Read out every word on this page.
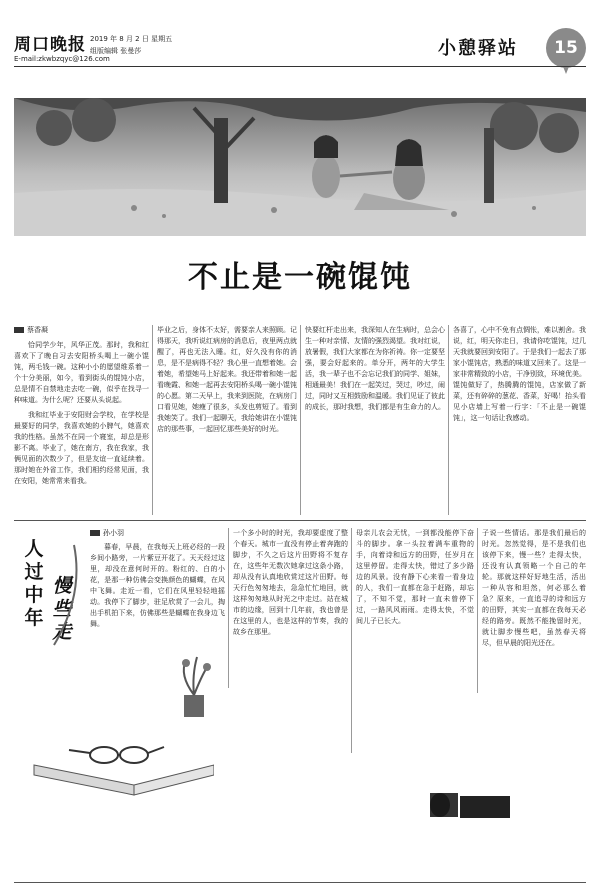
周口晚报 2019 年 8 月 2 日 星期五
组版编辑 张曼莎
E-mail:zkwbzqyc@126.com	小憩驿站	15
不止是一碗馄饨
蔡香凝

恰同学少年，风华正茂。那时，我和红喜欢下了晚自习去安阳桥头喝上一碗小馄饨，两毛钱一碗。这种小小的愿望维系着一个十分美丽，如今，看到街头的馄饨小店，总是情不自禁地走去吃一碗，似乎在找寻一种味道。为什么呢？还要从头说起。

我和红毕业于安阳财会学校，在学校是最要好的同学，我喜欢她的小脾气，她喜欢我的性格。虽然不在同一个寝室，却总是形影不离。毕业了，她在南方，我在我家，我俩见面的次数少了，但是友谊一直延续着。那时她在外省工作，我们相约经常见面，我在安阳，她常常来看我。

毕业之后，身体不太好，需要亲人来照顾。记得那天，我听说红病房的消息后，夜里两点就醒了，再也无法入睡。红，好久没有你的消息，是不是病得不轻？我心里一直想着她。会着她，希望她马上好起来。我还带着和她一起看晚霞、和她一起再去安阳桥头喝一碗小馄饨的心愿。第二天早上，我来到医院，在病房门口看见她，她瘦了很多，头发也剪短了。看到我她笑了。我们一起聊天，我给她讲在小馄饨店的那些事，一起回忆那些美好的时光。
快要红杆走出来，我深知人在生病时，总会心生一种对亲情、友情的强烈渴望。我对红说，放暑假，我们大家都在为你祈祷。你一定要坚强，要会好起来的。单分开，两年的大学生活，我一辈子也不会忘记我们的同学、姐妹，相通最美！我们在一起笑过，哭过，吵过，闹过，同时又互相鼓励和温暖。我们见证了彼此的成长，那时我想，我们都是有生命力的人。
各喜了，心中不免有点惆怅，难以割舍。我说，红，明天你走日，我请你吃馄饨，过几天我就要回到安阳了。于是我们一起去了那家小馄饨店，熟悉的味道又回来了。这是一家非常精致的小店，干净别致，环境优美。馄饨做好了，热腾腾的馄饨，店家做了新菜，还有碎碎的葱花、香菜，好喝！抬头看见小店墙上写着一行字：「不止是一碗馄饨」，这一句话让我感动。
人过中年
慢些走
孙小羽
暮春，早晨，在我每天上班必经的一段乡间小路旁，一片紫豆开花了。天天经过这里，却没在意何时开的。粉红的、白的小花，是那一种仿佛会变换颜色的蝴蝶，在风中飞舞。走近一看，它们在风里轻轻地摇动。我停下了脚步，驻足欣赏了一会儿，掏出手机拍下来，仿佛那些是蝴蝶在我身边飞舞。
一个多小时的时光，我却要虚度了整个春天。城市一直没有停止着奔跑的脚步，不久之后这片田野将不复存在，这些年无数次她拿过这条小路，却从没有认真地欣赏过这片田野。每天行色匆匆地去，急急忙忙地回，就这样匆匆地从时光之中走过。站在城市的边缘，回到十几年前，我也曾是在这里的人，也是这样的节奏，我的故乡在那里。
母亲儿农会无忧，一到都没能停下奋斗的脚步。拿一头拉着满车重物的手，向着诗和远方的田野，任岁月在这里停留。走得太快，错过了多少路边的风景。没有静下心来看一看身边的人，我们一直都在急于赶路，却忘了，不知不觉，那时一直未曾停下过，一路风风雨雨。走得太快，不觉间儿子已长大。
子说一些情话。那是我们最后的时光。忽然觉得，是不是我们也该停下来，慢一些？走得太快，还没有认真领略一个自己的年轮。那就这样好好地生活，活出一种从容和坦然，何必那么着急？原来，一直追寻的诗和远方的田野，其实一直都在我每天必经的路旁。既然不能挽留时光，就让脚步慢些吧，虽然春天将尽，但早晨的阳光还在。
